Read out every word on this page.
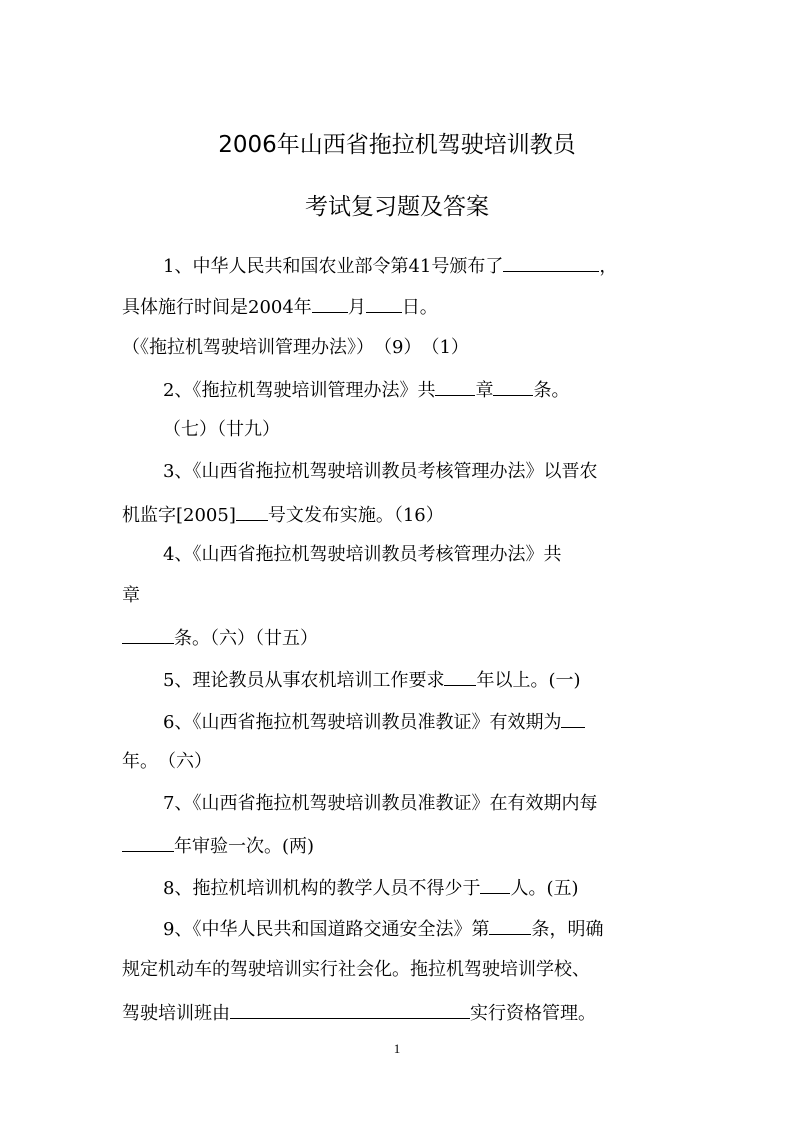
2006年山西省拖拉机驾驶培训教员
考试复习题及答案
1、中华人民共和国农业部令第41号颁布了	，
具体施行时间是2004年 月 日。
（《拖拉机驾驶培训管理办法》）　（9）　（1）
2、《拖拉机驾驶培训管理办法》共 章 条。
（七）（廿九）
3、《山西省拖拉机驾驶培训教员考核管理办法》以晋农
机监字[2005] 号文发布实施。（16）
4、《山西省拖拉机驾驶培训教员考核管理办法》共
章
条。（六）（廿五）
5、理论教员从事农机培训工作要求 年以上。(一)
6、《山西省拖拉机驾驶培训教员准教证》有效期为
年。　（六）
7、《山西省拖拉机驾驶培训教员准教证》在有效期内每
年审验一次。(两)
8、拖拉机培训机构的教学人员不得少于 人。(五)
9、《中华人民共和国道路交通安全法》第 条，明确
规定机动车的驾驶培训实行社会化。拖拉机驾驶培训学校、
驾驶培训班由	实行资格管理。
1
